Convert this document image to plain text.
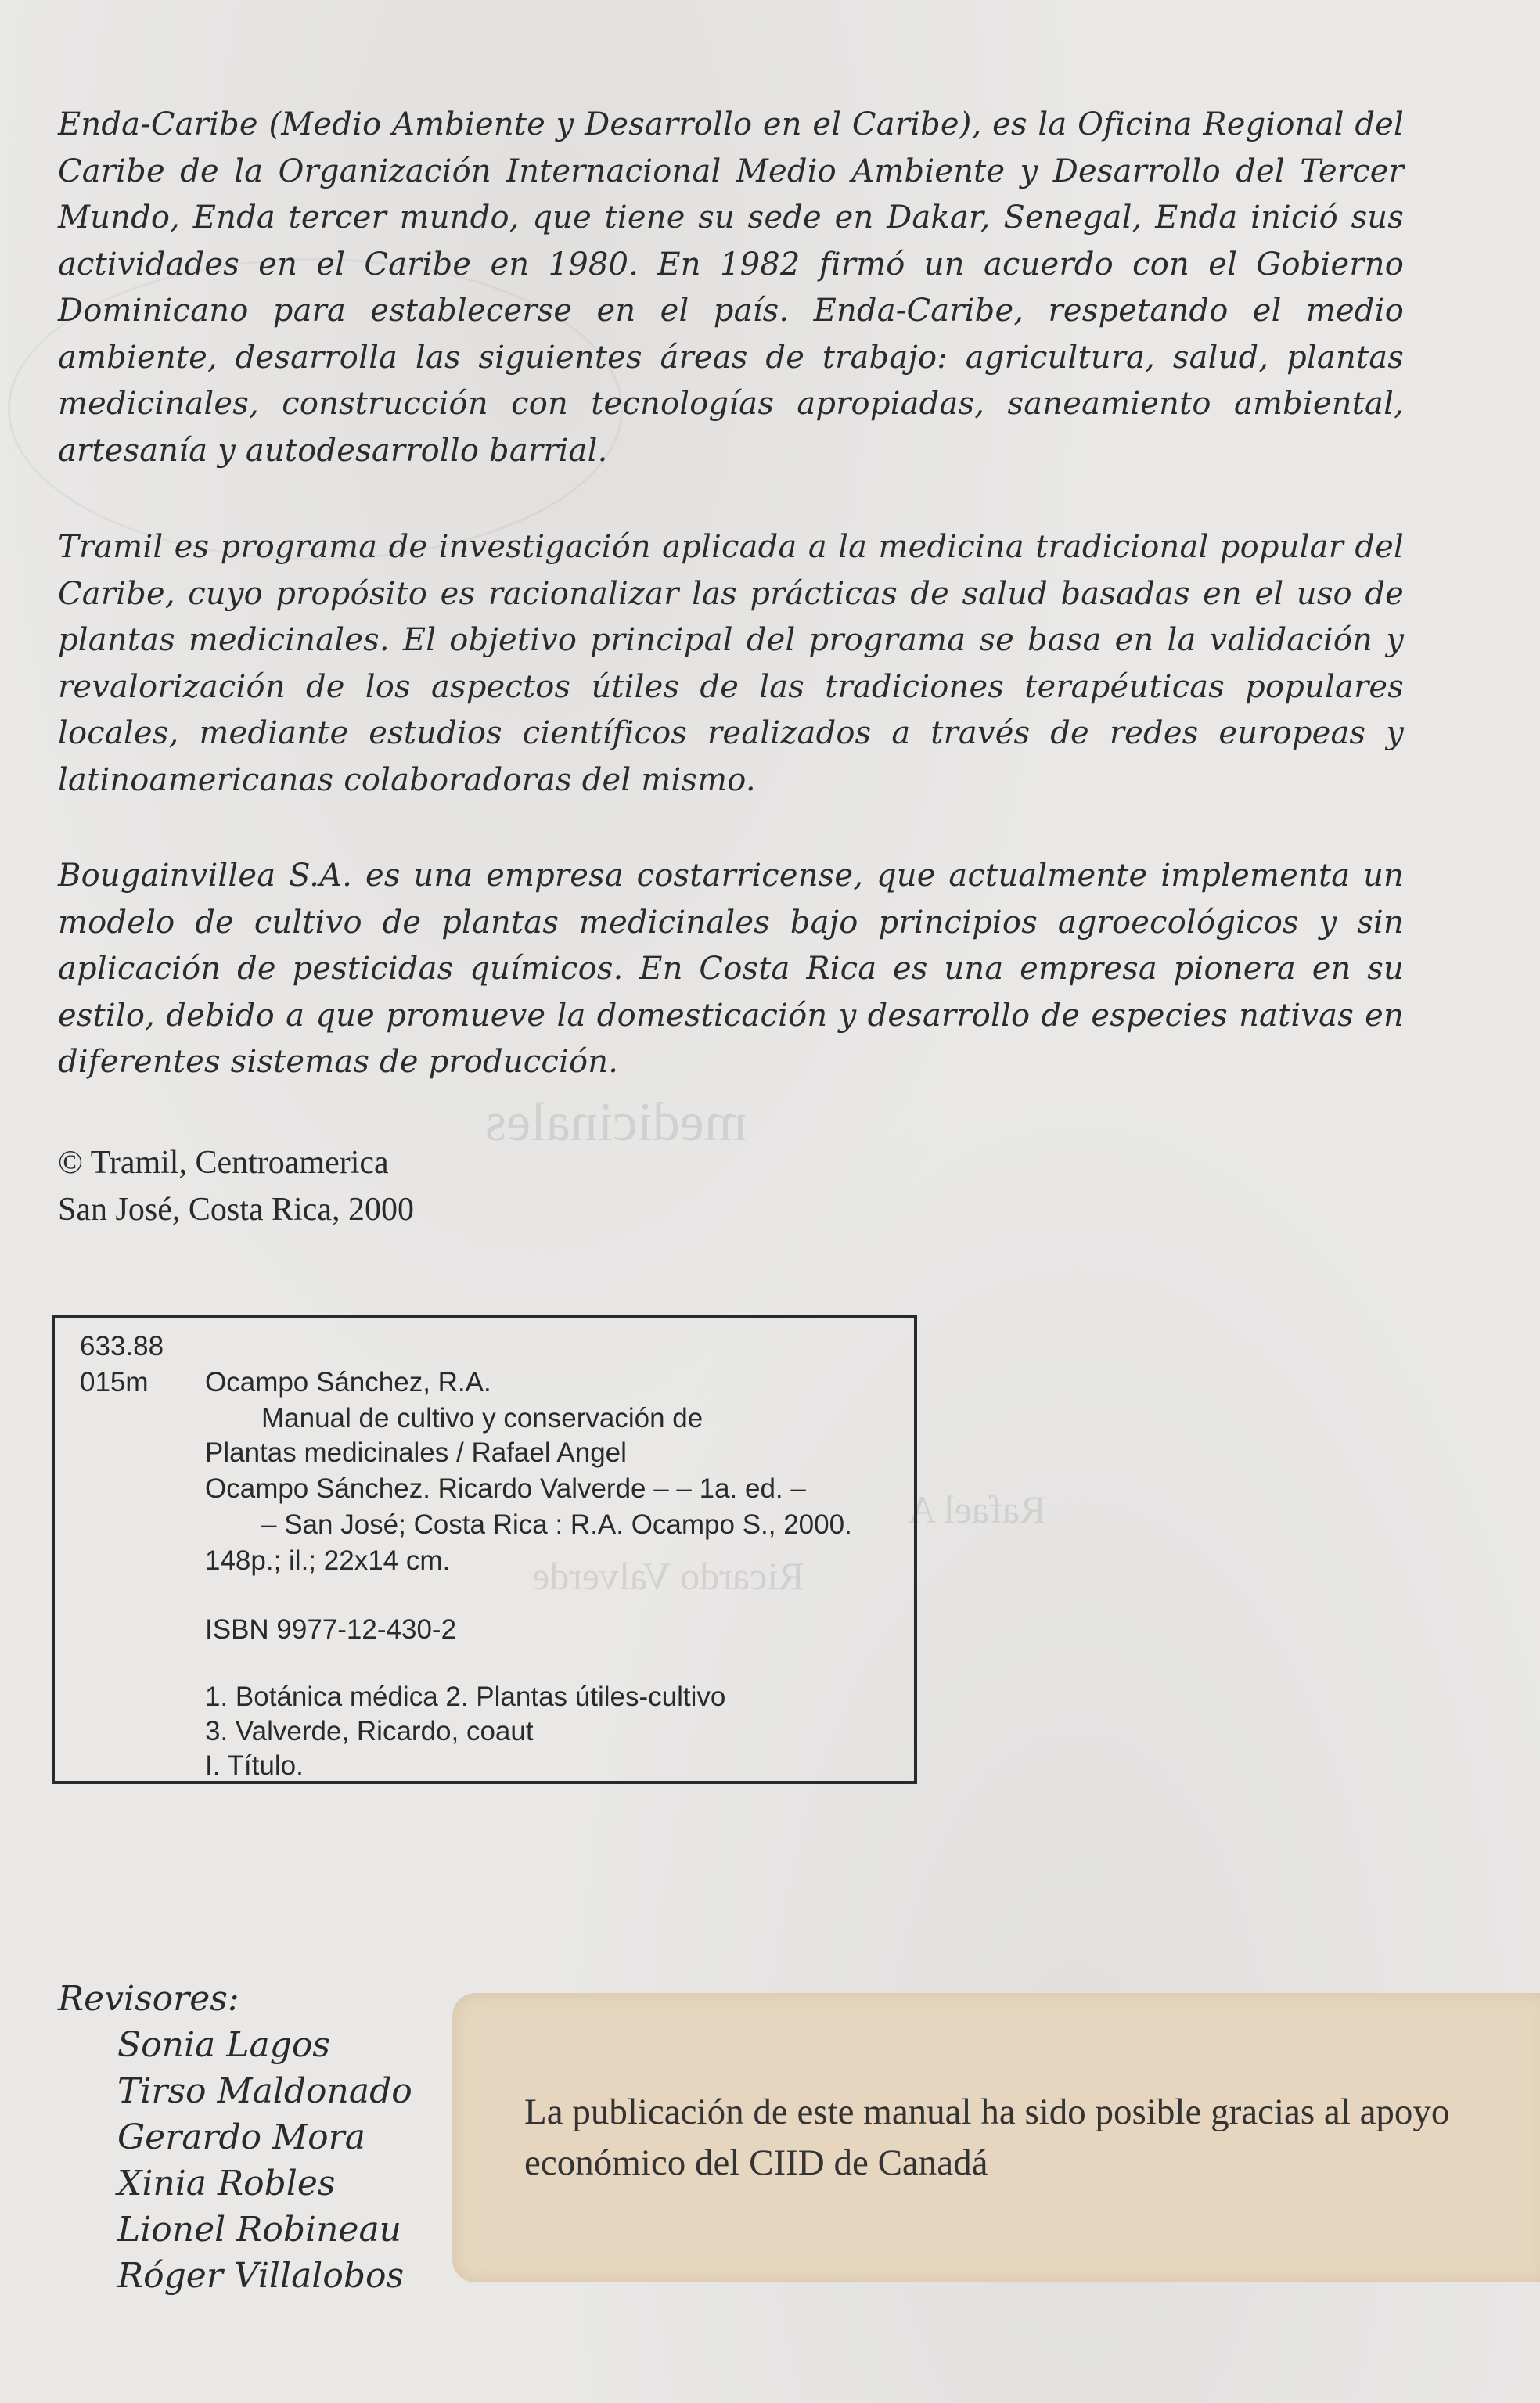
Enda-Caribe (Medio Ambiente y Desarrollo en el Caribe), es la Oficina Regional del Caribe de la Organización Internacional Medio Ambiente y Desarrollo del Tercer Mundo, Enda tercer mundo, que tiene su sede en Dakar, Senegal, Enda inició sus actividades en el Caribe en 1980. En 1982 firmó un acuerdo con el Gobierno Dominicano para establecerse en el país. Enda-Caribe, respetando el medio ambiente, desarrolla las siguientes áreas de trabajo: agricultura, salud, plantas medicinales, construcción con tecnologías apropiadas, saneamiento ambiental, artesanía y autodesarrollo barrial.

Tramil es programa de investigación aplicada a la medicina tradicional popular del Caribe, cuyo propósito es racionalizar las prácticas de salud basadas en el uso de plantas medicinales. El objetivo principal del programa se basa en la validación y revalorización de los aspectos útiles de las tradiciones terapéuticas populares locales, mediante estudios científicos realizados a través de redes europeas y latinoamericanas colaboradoras del mismo.

Bougainvillea S.A. es una empresa costarricense, que actualmente implementa un modelo de cultivo de plantas medicinales bajo principios agroecológicos y sin aplicación de pesticidas químicos. En Costa Rica es una empresa pionera en su estilo, debido a que promueve la domesticación y desarrollo de especies nativas en diferentes sistemas de producción.

medicinales
Rafael A
Ricardo Valverde
© Tramil, Centroamerica
San José, Costa Rica, 2000
633.88
015m Ocampo Sánchez, R.A.
Manual de cultivo y conservación de
Plantas medicinales / Rafael Angel
Ocampo Sánchez. Ricardo Valverde – – 1a. ed. –
– San José; Costa Rica : R.A. Ocampo S., 2000.
148p.; il.; 22x14 cm.
ISBN 9977-12-430-2
1. Botánica médica 2. Plantas útiles-cultivo
3. Valverde, Ricardo, coaut
I. Título.
Revisores:
Sonia Lagos
Tirso Maldonado
Gerardo Mora
Xinia Robles
Lionel Robineau
Róger Villalobos
La publicación de este manual ha sido posible gracias al apoyo económico del CIID de Canadá
